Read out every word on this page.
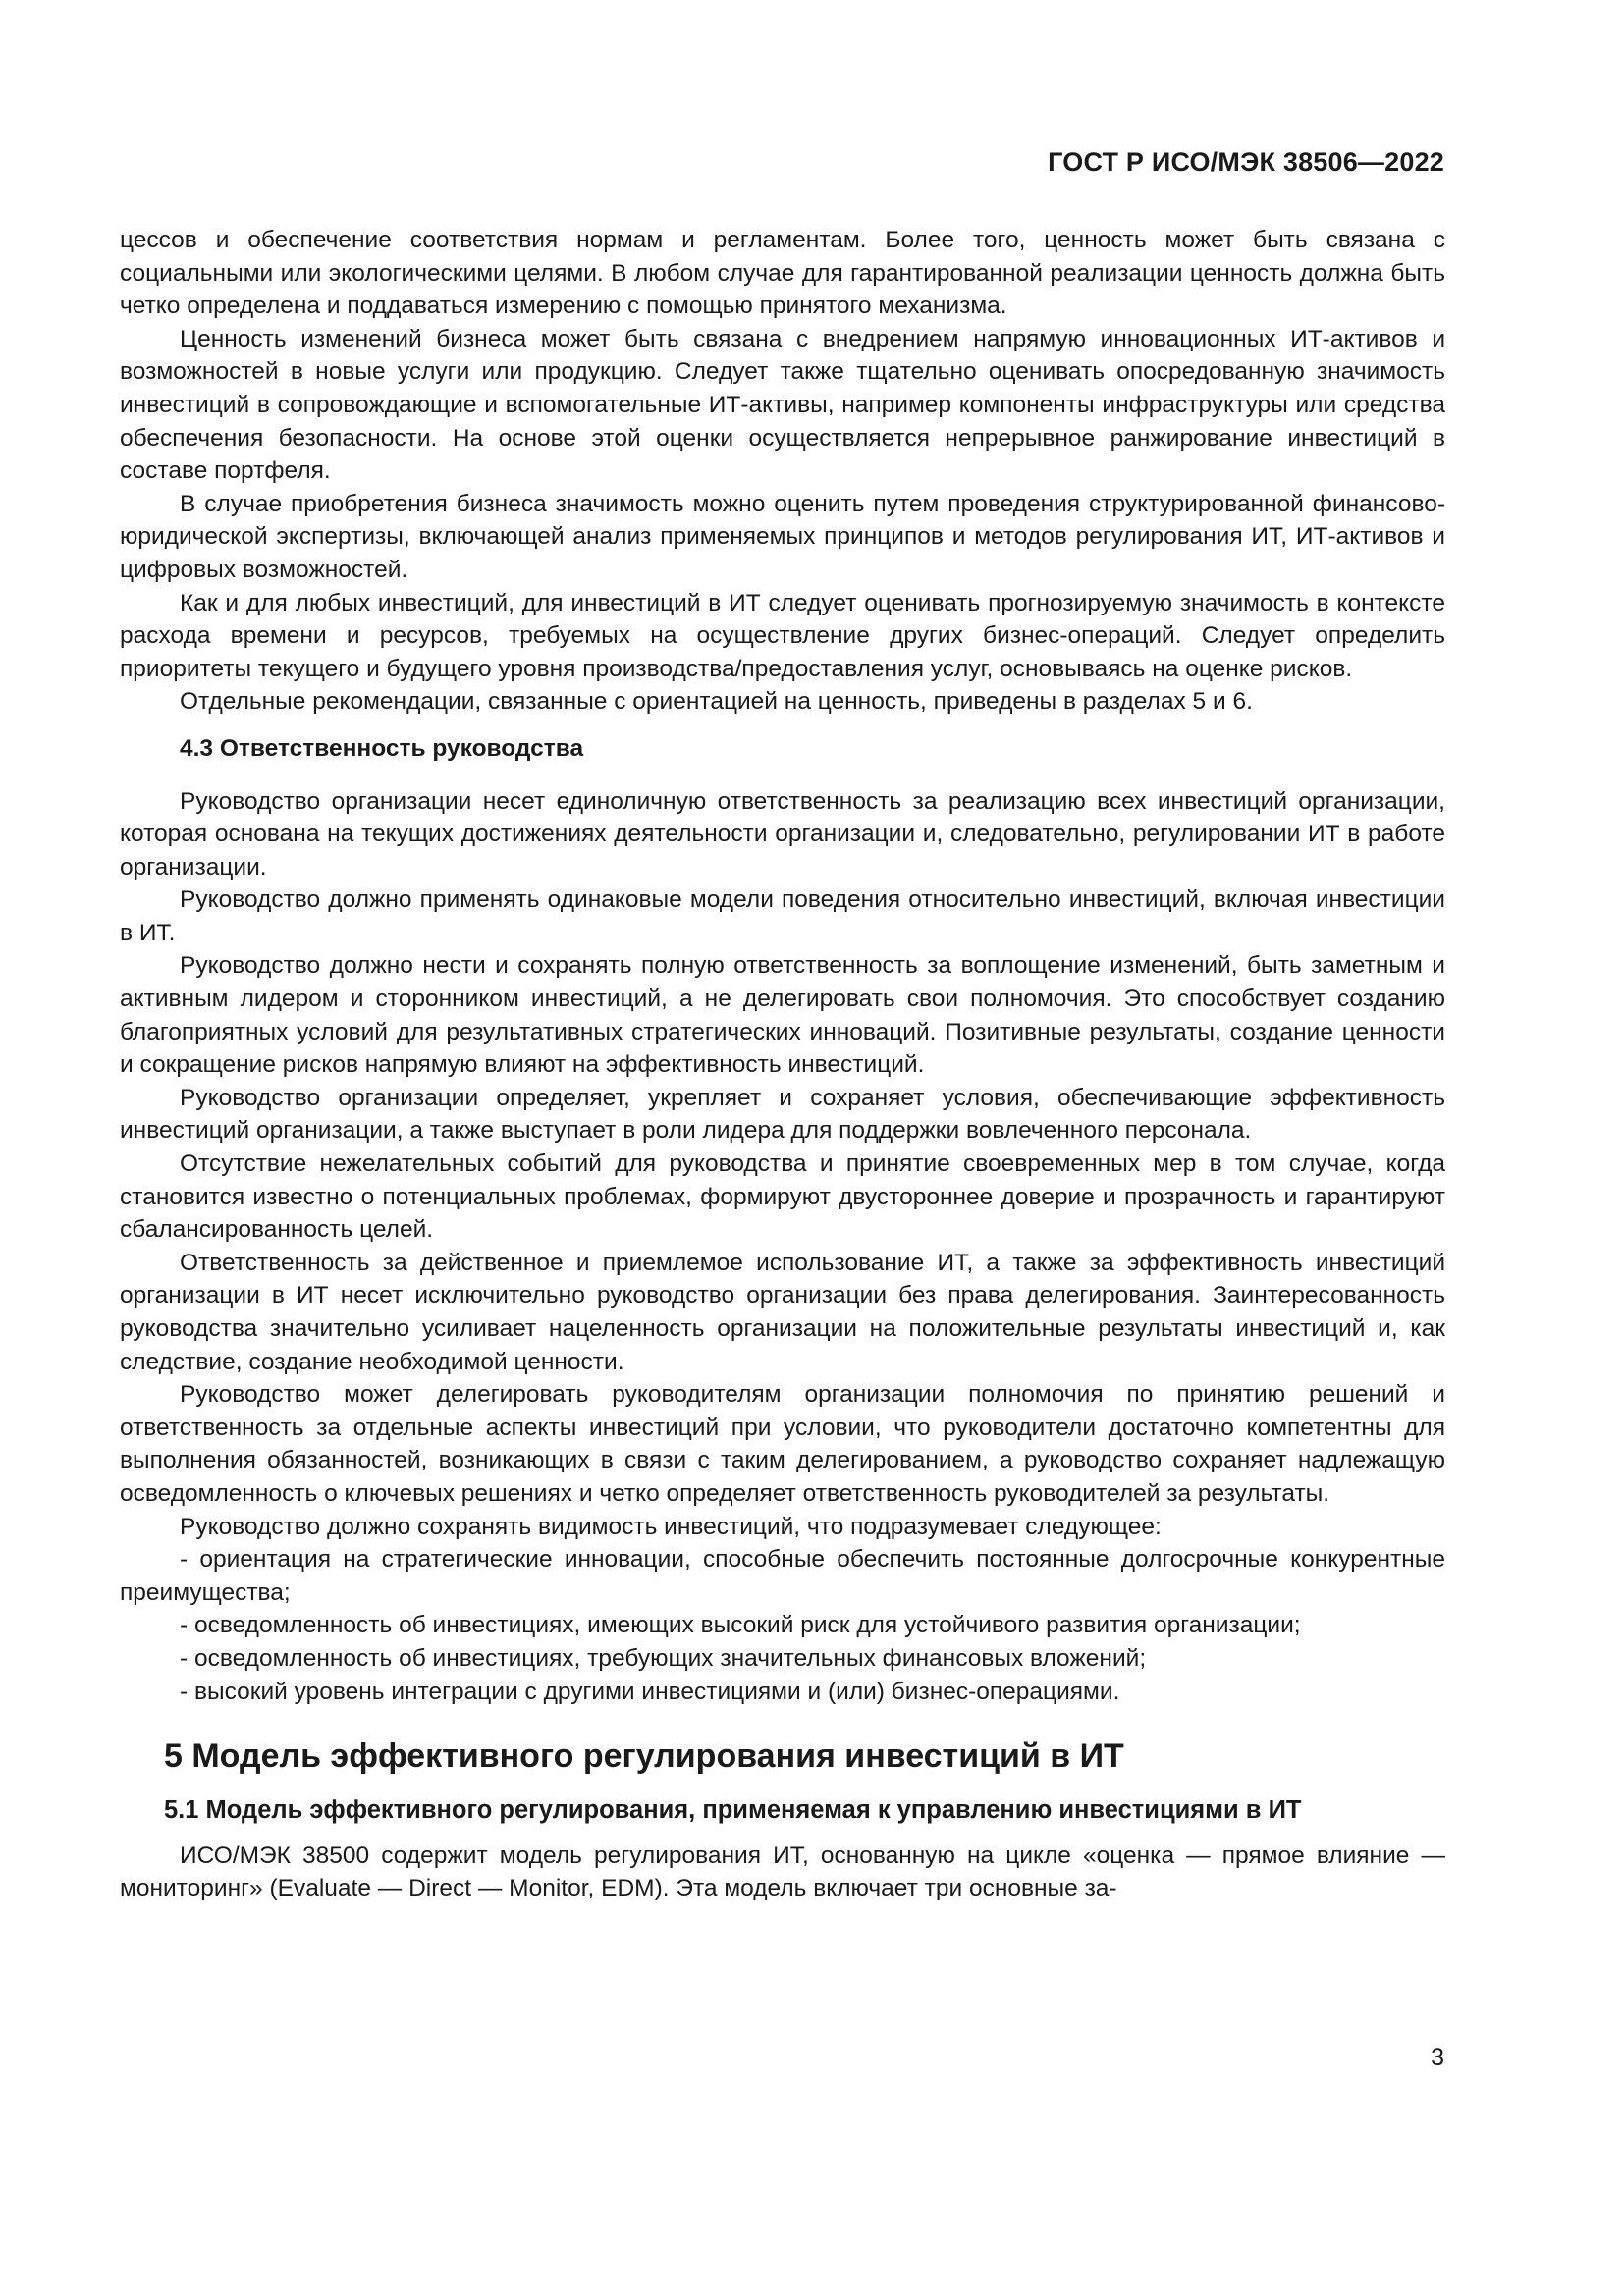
ГОСТ Р ИСО/МЭК 38506—2022

цессов и обеспечение соответствия нормам и регламентам. Более того, ценность может быть связана с социальными или экологическими целями. В любом случае для гарантированной реализации ценность должна быть четко определена и поддаваться измерению с помощью принятого механизма.

Ценность изменений бизнеса может быть связана с внедрением напрямую инновационных ИТ-активов и возможностей в новые услуги или продукцию. Следует также тщательно оценивать опосредованную значимость инвестиций в сопровождающие и вспомогательные ИТ-активы, например компоненты инфраструктуры или средства обеспечения безопасности. На основе этой оценки осуществляется непрерывное ранжирование инвестиций в составе портфеля.

В случае приобретения бизнеса значимость можно оценить путем проведения структурированной финансово-юридической экспертизы, включающей анализ применяемых принципов и методов регулирования ИТ, ИТ-активов и цифровых возможностей.

Как и для любых инвестиций, для инвестиций в ИТ следует оценивать прогнозируемую значимость в контексте расхода времени и ресурсов, требуемых на осуществление других бизнес-операций. Следует определить приоритеты текущего и будущего уровня производства/предоставления услуг, основываясь на оценке рисков.

Отдельные рекомендации, связанные с ориентацией на ценность, приведены в разделах 5 и 6.

4.3 Ответственность руководства

Руководство организации несет единоличную ответственность за реализацию всех инвестиций организации, которая основана на текущих достижениях деятельности организации и, следовательно, регулировании ИТ в работе организации.

Руководство должно применять одинаковые модели поведения относительно инвестиций, включая инвестиции в ИТ.

Руководство должно нести и сохранять полную ответственность за воплощение изменений, быть заметным и активным лидером и сторонником инвестиций, а не делегировать свои полномочия. Это способствует созданию благоприятных условий для результативных стратегических инноваций. Позитивные результаты, создание ценности и сокращение рисков напрямую влияют на эффективность инвестиций.

Руководство организации определяет, укрепляет и сохраняет условия, обеспечивающие эффективность инвестиций организации, а также выступает в роли лидера для поддержки вовлеченного персонала.

Отсутствие нежелательных событий для руководства и принятие своевременных мер в том случае, когда становится известно о потенциальных проблемах, формируют двустороннее доверие и прозрачность и гарантируют сбалансированность целей.

Ответственность за действенное и приемлемое использование ИТ, а также за эффективность инвестиций организации в ИТ несет исключительно руководство организации без права делегирования. Заинтересованность руководства значительно усиливает нацеленность организации на положительные результаты инвестиций и, как следствие, создание необходимой ценности.

Руководство может делегировать руководителям организации полномочия по принятию решений и ответственность за отдельные аспекты инвестиций при условии, что руководители достаточно компетентны для выполнения обязанностей, возникающих в связи с таким делегированием, а руководство сохраняет надлежащую осведомленность о ключевых решениях и четко определяет ответственность руководителей за результаты.

Руководство должно сохранять видимость инвестиций, что подразумевает следующее:

- ориентация на стратегические инновации, способные обеспечить постоянные долгосрочные конкурентные преимущества;

- осведомленность об инвестициях, имеющих высокий риск для устойчивого развития организации;

- осведомленность об инвестициях, требующих значительных финансовых вложений;

- высокий уровень интеграции с другими инвестициями и (или) бизнес-операциями.

5 Модель эффективного регулирования инвестиций в ИТ
5.1 Модель эффективного регулирования, применяемая к управлению инвестициями в ИТ

ИСО/МЭК 38500 содержит модель регулирования ИТ, основанную на цикле «оценка — прямое влияние — мониторинг» (Evaluate — Direct — Monitor, EDM). Эта модель включает три основные за-

3
